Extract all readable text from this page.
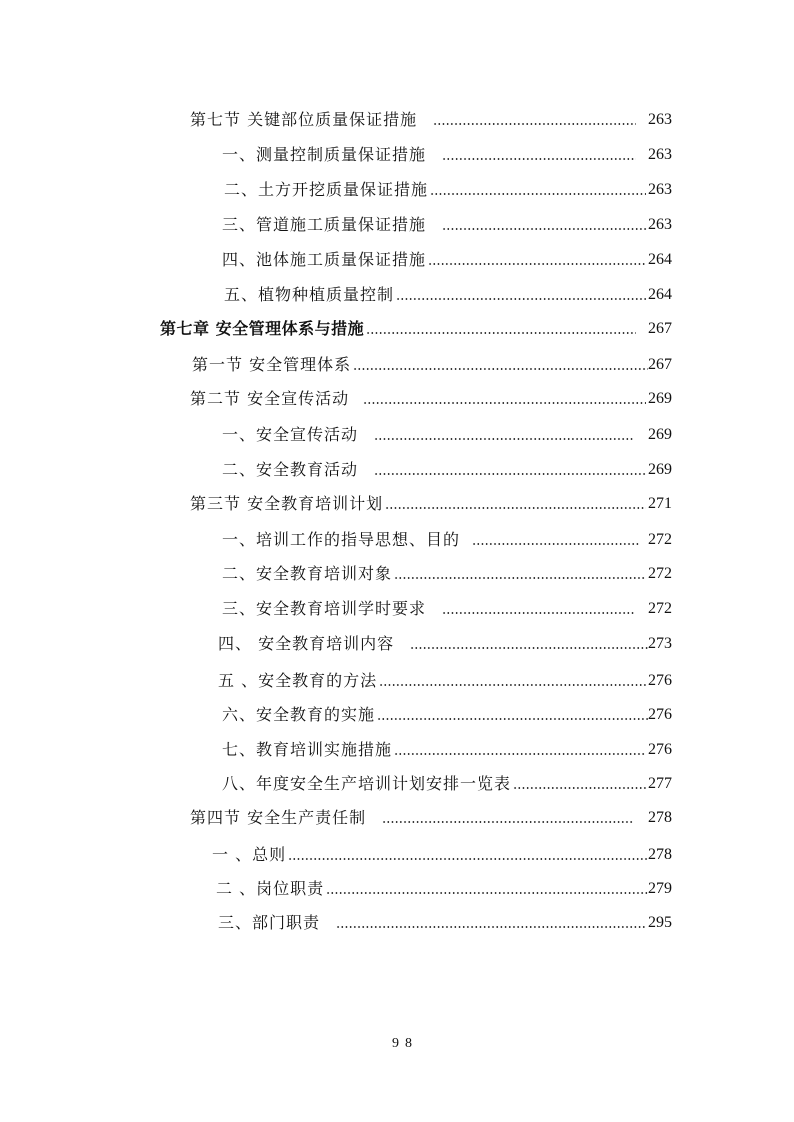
第七节 关键部位质量保证措施	263
一、测量控制质量保证措施	263
二、土方开挖质量保证措施	263
三、管道施工质量保证措施	263
四、池体施工质量保证措施	264
五、植物种植质量控制	264
第七章 安全管理体系与措施	267
第一节 安全管理体系	267
第二节 安全宣传活动	269
一、安全宣传活动	269
二、安全教育活动	269
第三节 安全教育培训计划	271
一、培训工作的指导思想、目的	272
二、安全教育培训对象	272
三、安全教育培训学时要求	272
四、 安全教育培训内容	273
五 、安全教育的方法	276
六、安全教育的实施	276
七、教育培训实施措施	276
八、年度安全生产培训计划安排一览表	277
第四节 安全生产责任制	278
一 、总则	278
二 、岗位职责	279
三、部门职责	295
98
